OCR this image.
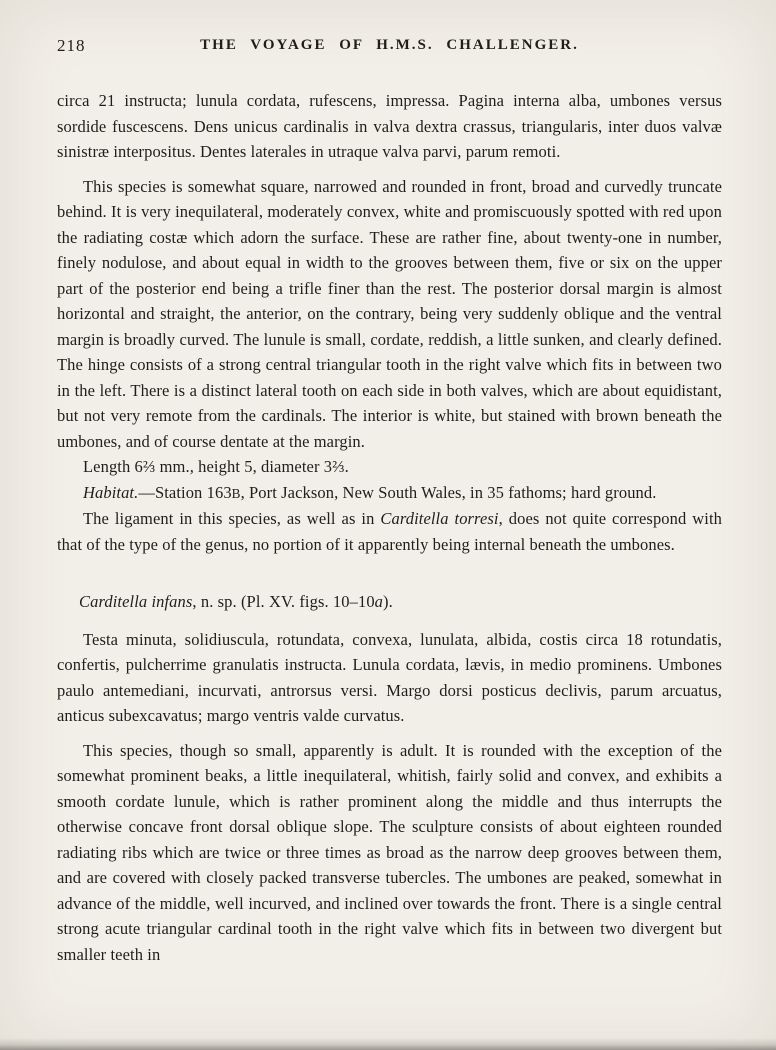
218	THE VOYAGE OF H.M.S. CHALLENGER.

circa 21 instructa; lunula cordata, rufescens, impressa. Pagina interna alba, umbones versus sordide fuscescens. Dens unicus cardinalis in valva dextra crassus, triangularis, inter duos valvæ sinistræ interpositus. Dentes laterales in utraque valva parvi, parum remoti.

This species is somewhat square, narrowed and rounded in front, broad and curvedly truncate behind. It is very inequilateral, moderately convex, white and promiscuously spotted with red upon the radiating costæ which adorn the surface. These are rather fine, about twenty-one in number, finely nodulose, and about equal in width to the grooves between them, five or six on the upper part of the posterior end being a trifle finer than the rest. The posterior dorsal margin is almost horizontal and straight, the anterior, on the contrary, being very suddenly oblique and the ventral margin is broadly curved. The lunule is small, cordate, reddish, a little sunken, and clearly defined. The hinge consists of a strong central triangular tooth in the right valve which fits in between two in the left. There is a distinct lateral tooth on each side in both valves, which are about equidistant, but not very remote from the cardinals. The interior is white, but stained with brown beneath the umbones, and of course dentate at the margin.

Length 6⅔ mm., height 5, diameter 3⅔.

Habitat.—Station 163B, Port Jackson, New South Wales, in 35 fathoms; hard ground.

The ligament in this species, as well as in Carditella torresi, does not quite correspond with that of the type of the genus, no portion of it apparently being internal beneath the umbones.

Carditella infans, n. sp. (Pl. XV. figs. 10–10a).

Testa minuta, solidiuscula, rotundata, convexa, lunulata, albida, costis circa 18 rotundatis, confertis, pulcherrime granulatis instructa. Lunula cordata, lævis, in medio prominens. Umbones paulo antemediani, incurvati, antrorsus versi. Margo dorsi posticus declivis, parum arcuatus, anticus subexcavatus; margo ventris valde curvatus.

This species, though so small, apparently is adult. It is rounded with the exception of the somewhat prominent beaks, a little inequilateral, whitish, fairly solid and convex, and exhibits a smooth cordate lunule, which is rather prominent along the middle and thus interrupts the otherwise concave front dorsal oblique slope. The sculpture consists of about eighteen rounded radiating ribs which are twice or three times as broad as the narrow deep grooves between them, and are covered with closely packed transverse tubercles. The umbones are peaked, somewhat in advance of the middle, well incurved, and inclined over towards the front. There is a single central strong acute triangular cardinal tooth in the right valve which fits in between two divergent but smaller teeth in
